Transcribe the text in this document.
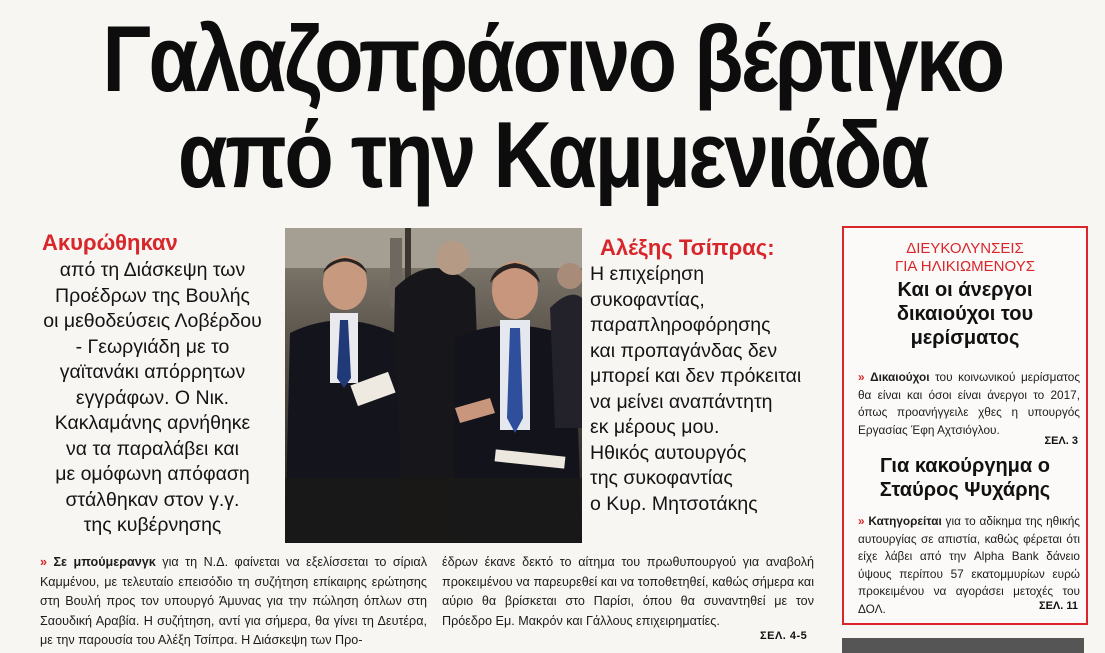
Γαλαζοπράσινο βέρτιγκο
από την Καμμενιάδα
Ακυρώθηκαν
από τη Διάσκεψη των
Προέδρων της Βουλής
οι μεθοδεύσεις Λοβέρδου
- Γεωργιάδη με το
γαϊτανάκι απόρρητων
εγγράφων. Ο Νικ.
Κακλαμάνης αρνήθηκε
να τα παραλάβει και
με ομόφωνη απόφαση
στάλθηκαν στον γ.γ.
της κυβέρνησης
Αλέξης Τσίπρας:
Η επιχείρηση
συκοφαντίας,
παραπληροφόρησης
και προπαγάνδας δεν
μπορεί και δεν πρόκειται
να μείνει αναπάντητη
εκ μέρους μου.
Ηθικός αυτουργός
της συκοφαντίας
ο Κυρ. Μητσοτάκης
» Σε μπούμερανγκ για τη Ν.Δ. φαίνεται να εξελίσσεται το σίριαλ Καμμένου, με τελευταίο επεισόδιο τη συζήτηση επίκαιρης ερώτησης στη Βουλή προς τον υπουργό Άμυνας για την πώληση όπλων στη Σαουδική Αραβία. Η συζήτηση, αντί για σήμερα, θα γίνει τη Δευτέρα, με την παρουσία του Αλέξη Τσίπρα. Η Διάσκεψη των Προ-
έδρων έκανε δεκτό το αίτημα του πρωθυπουργού για αναβολή προκειμένου να παρευρεθεί και να τοποθετηθεί, καθώς σήμερα και αύριο θα βρίσκεται στο Παρίσι, όπου θα συναντηθεί με τον Πρόεδρο Εμ. Μακρόν και Γάλλους επιχειρηματίες.
ΣΕΛ. 4-5
ΔΙΕΥΚΟΛΥΝΣΕΙΣ
ΓΙΑ ΗΛΙΚΙΩΜΕΝΟΥΣ
Και οι άνεργοι δικαιούχοι του μερίσματος
» Δικαιούχοι του κοινωνικού μερίσματος θα είναι και όσοι είναι άνεργοι το 2017, όπως προανήγγειλε χθες η υπουργός Εργασίας Έφη Αχτσιόγλου.
ΣΕΛ. 3
Για κακούργημα ο Σταύρος Ψυχάρης
» Κατηγορείται για το αδίκημα της ηθικής αυτουργίας σε απιστία, καθώς φέρεται ότι είχε λάβει από την Alpha Bank δάνειο ύψους περίπου 57 εκατομμυρίων ευρώ προκειμένου να αγοράσει μετοχές του ΔΟΛ.	ΣΕΛ. 11
